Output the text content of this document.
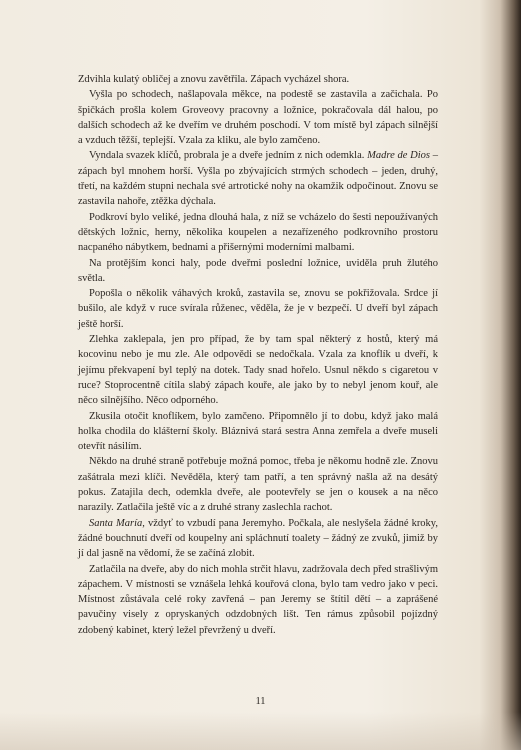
Zdvihla kulatý obličej a znovu zavětřila. Zápach vycházel shora.

Vyšla po schodech, našlapovala měkce, na podestě se zastavila a začichala. Po špičkách prošla kolem Groveovy pracovny a ložnice, pokračovala dál halou, po dalších schodech až ke dveřím ve druhém poschodí. V tom místě byl zápach silnější a vzduch těžší, teplejší. Vzala za kliku, ale bylo zamčeno.

Vyndala svazek klíčů, probrala je a dveře jedním z nich odemkla. Madre de Dios – zápach byl mnohem horší. Vyšla po zbývajících strmých schodech – jeden, druhý, třetí, na každém stupni nechala své artrotické nohy na okamžik odpočinout. Znovu se zastavila nahoře, ztěžka dýchala.

Podkroví bylo veliké, jedna dlouhá hala, z níž se vcházelo do šesti nepoužívaných dětských ložnic, herny, několika koupelen a nezařízeného podkrovního prostoru nacpaného nábytkem, bednami a přišernými moderními malbami.

Na protějším konci haly, pode dveřmi poslední ložnice, uviděla pruh žlutého světla.

Popošla o několik váhavých kroků, zastavila se, znovu se pokřižovala. Srdce jí bušilo, ale když v ruce svírala růženec, věděla, že je v bezpečí. U dveří byl zápach ještě horší.

Zlehka zaklepala, jen pro případ, že by tam spal některý z hostů, který má kocovinu nebo je mu zle. Ale odpovědi se nedočkala. Vzala za knoflík u dveří, k jejímu překvapení byl teplý na dotek. Tady snad hořelo. Usnul někdo s cigaretou v ruce? Stoprocentně cítila slabý zápach kouře, ale jako by to nebyl jenom kouř, ale něco silnějšího. Něco odporného.

Zkusila otočit knoflíkem, bylo zamčeno. Připomnělo jí to dobu, když jako malá holka chodila do klášterní školy. Bláznivá stará sestra Anna zemřela a dveře museli otevřít násilím.

Někdo na druhé straně potřebuje možná pomoc, třeba je někomu hodně zle. Znovu zašátrala mezi klíči. Nevěděla, který tam patří, a ten správný našla až na desátý pokus. Zatajila dech, odemkla dveře, ale pootevřely se jen o kousek a na něco narazily. Zatlačila ještě víc a z druhé strany zaslechla rachot.

Santa María, vždyť to vzbudí pana Jeremyho. Počkala, ale neslyšela žádné kroky, žádné bouchnutí dveří od koupelny ani spláchnutí toalety – žádný ze zvuků, jimiž by jí dal jasně na vědomí, že se začíná zlobit.

Zatlačila na dveře, aby do nich mohla strčit hlavu, zadržovala dech před strašlivým zápachem. V místnosti se vznášela lehká kouřová clona, bylo tam vedro jako v peci. Místnost zůstávala celé roky zavřená – pan Jeremy se štítil dětí – a zaprášené pavučiny visely z opryskaných odzdobných lišt. Ten rámus způsobil pojízdný zdobený kabinet, který ležel převržený u dveří.

11
